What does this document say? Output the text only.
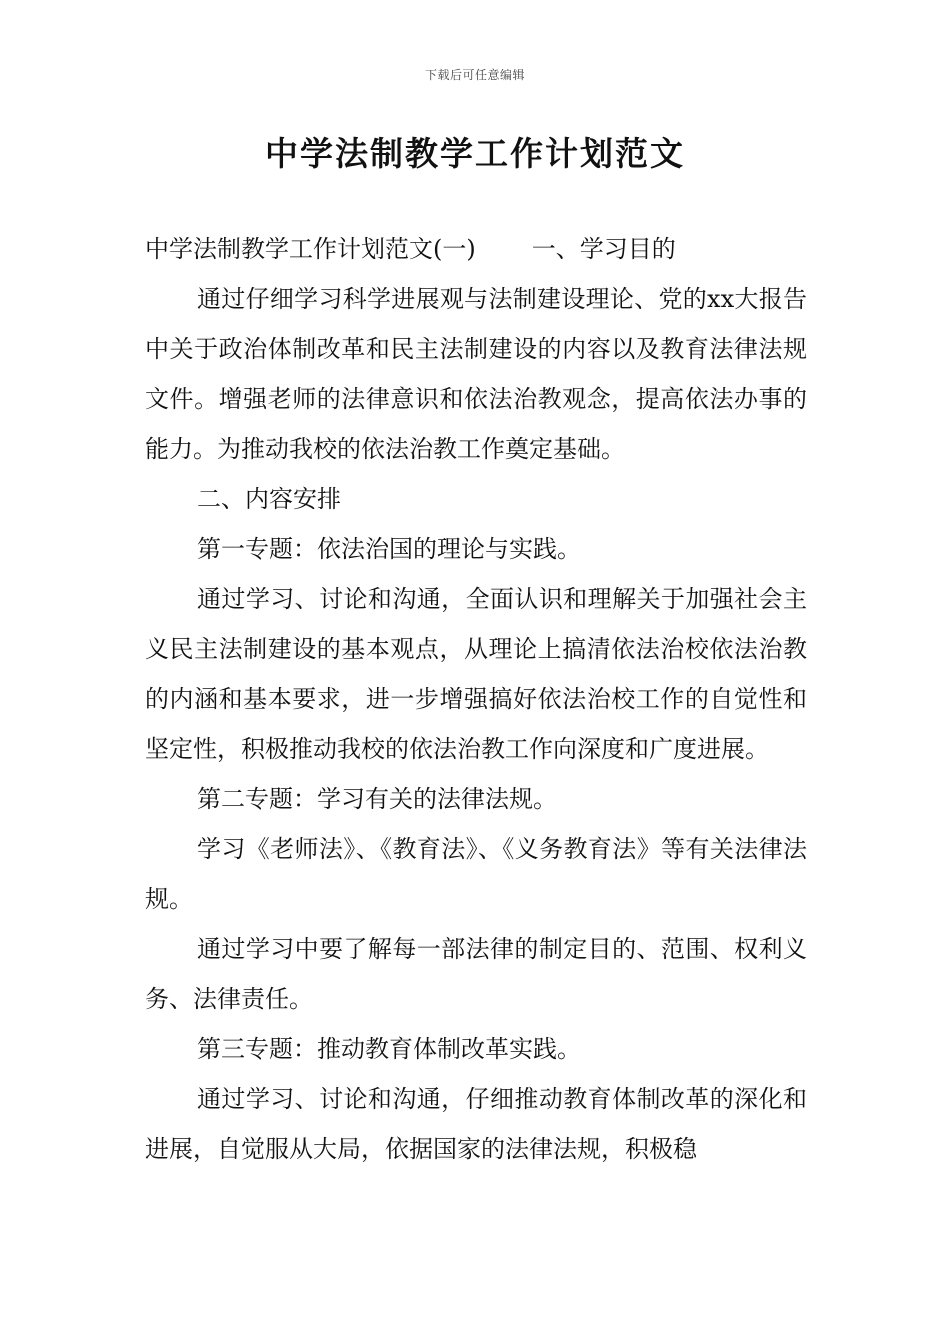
下载后可任意编辑
中学法制教学工作计划范文

中学法制教学工作计划范文(一) 一、学习目的

通过仔细学习科学进展观与法制建设理论、党的xx大报告中关于政治体制改革和民主法制建设的内容以及教育法律法规文件。增强老师的法律意识和依法治教观念，提高依法办事的能力。为推动我校的依法治教工作奠定基础。

二、内容安排

第一专题：依法治国的理论与实践。

通过学习、讨论和沟通，全面认识和理解关于加强社会主义民主法制建设的基本观点，从理论上搞清依法治校依法治教的内涵和基本要求，进一步增强搞好依法治校工作的自觉性和坚定性，积极推动我校的依法治教工作向深度和广度进展。

第二专题：学习有关的法律法规。

学习《老师法》、《教育法》、《义务教育法》等有关法律法规。

通过学习中要了解每一部法律的制定目的、范围、权利义务、法律责任。

第三专题：推动教育体制改革实践。

通过学习、讨论和沟通，仔细推动教育体制改革的深化和进展，自觉服从大局，依据国家的法律法规，积极稳
